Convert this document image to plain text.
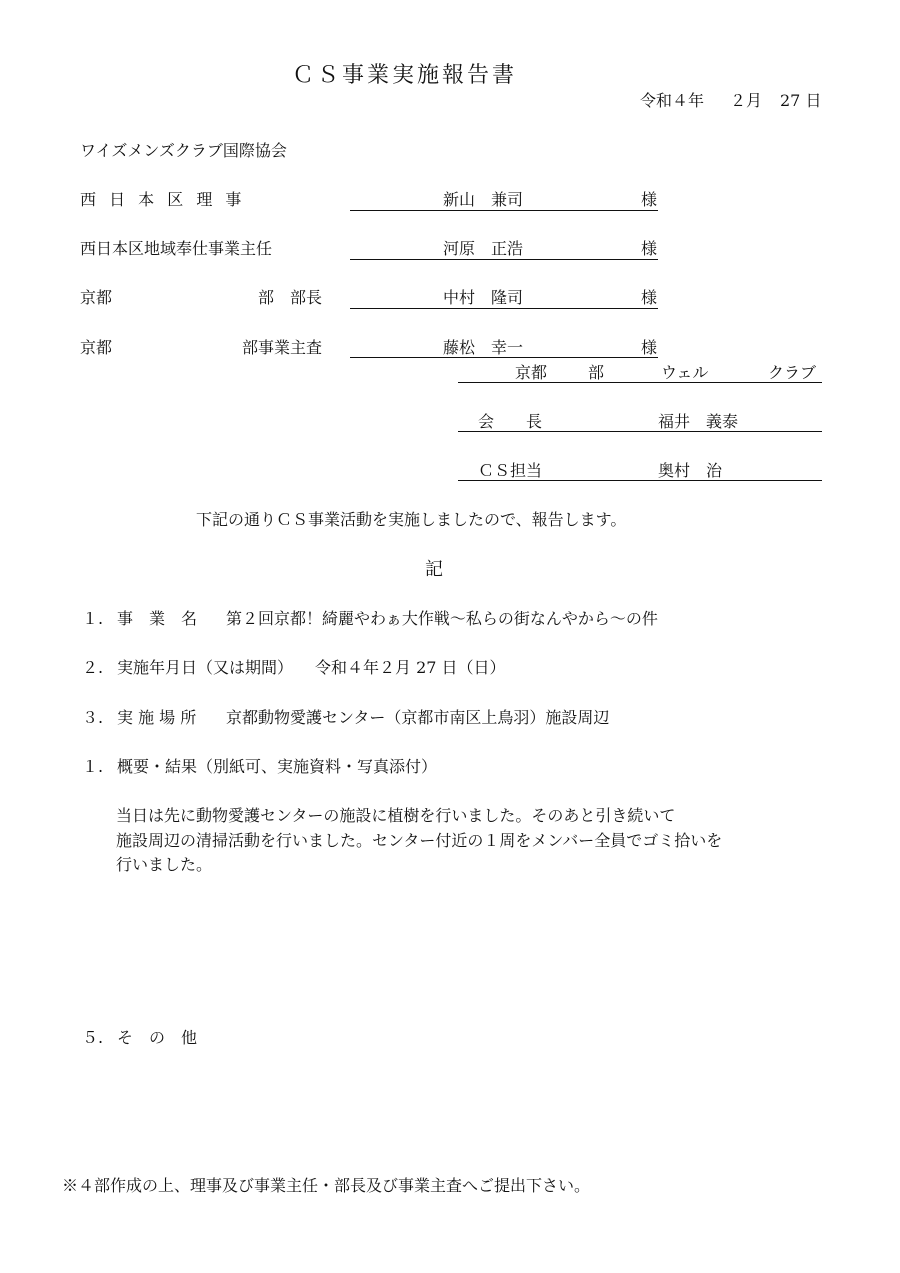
ＣＳ事業実施報告書
令和４年 ２月 27 日
ワイズメンズクラブ国際協会
西 日 本 区 理 事	新山　兼司	様
西日本区地域奉仕事業主任	河原　正浩	様
京都	部　部長	中村　隆司	様
京都	部事業主査	藤松　幸一	様
京都	部	ウェル	クラブ
会　　長	福井　義泰
ＣＳ担当	奥村　治
下記の通りＣＳ事業活動を実施しましたので、報告します。
記
１. 事　業　名 第２回京都！綺麗やわぁ大作戦～私らの街なんやから～の件
２. 実施年月日（又は期間） 令和４年２月 27 日（日）
３. 実 施 場 所 京都動物愛護センター（京都市南区上鳥羽）施設周辺
１. 概要・結果（別紙可、実施資料・写真添付）
当日は先に動物愛護センターの施設に植樹を行いました。そのあと引き続いて
施設周辺の清掃活動を行いました。センター付近の１周をメンバー全員でゴミ拾いを
行いました。
５. そ　の　他
※４部作成の上、理事及び事業主任・部長及び事業主査へご提出下さい。
